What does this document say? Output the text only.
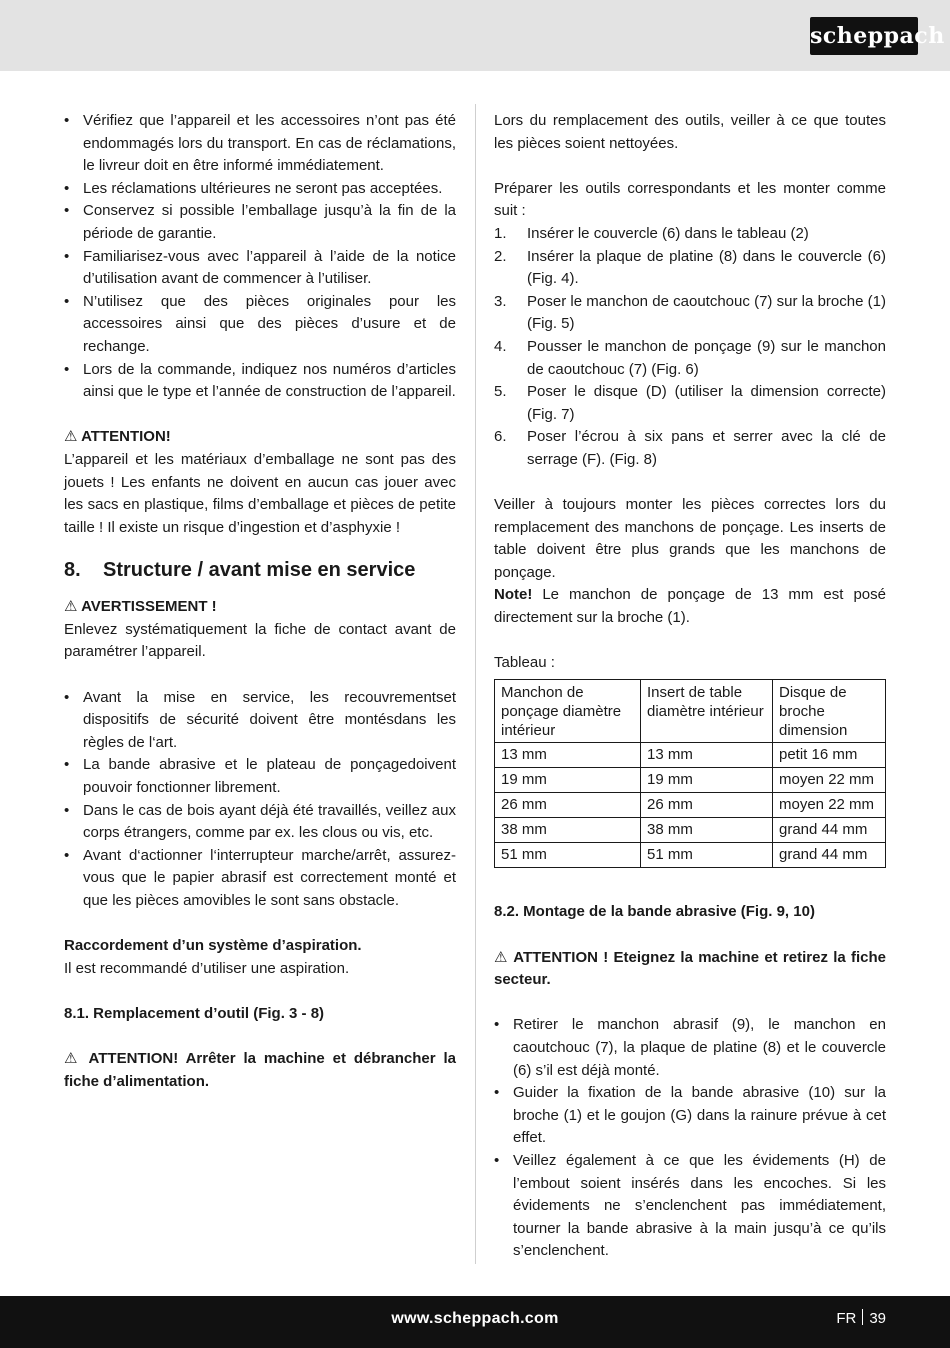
scheppach
• Vérifiez que l’appareil et les accessoires n’ont pas été endommagés lors du transport. En cas de réclamations, le livreur doit en être informé immédiatement.
• Les réclamations ultérieures ne seront pas acceptées.
• Conservez si possible l’emballage jusqu’à la fin de la période de garantie.
• Familiarisez-vous avec l’appareil à l’aide de la notice d’utilisation avant de commencer à l’utiliser.
• N’utilisez que des pièces originales pour les accessoires ainsi que des pièces d’usure et de rechange.
• Lors de la commande, indiquez nos numéros d’articles ainsi que le type et l’année de construction de l’appareil.

⚠ ATTENTION!

L’appareil et les matériaux d’emballage ne sont pas des jouets ! Les enfants ne doivent en aucun cas jouer avec les sacs en plastique, films d’emballage et pièces de petite taille ! Il existe un risque d’ingestion et d’asphyxie !

8. Structure / avant mise en service

⚠ AVERTISSEMENT !

Enlevez systématiquement la fiche de contact avant de paramétrer l’appareil.

• Avant la mise en service, les recouvrementset dispositifs de sécurité doivent être montésdans les règles de l‘art.
• La bande abrasive et le plateau de ponçagedoivent pouvoir fonctionner librement.
• Dans le cas de bois ayant déjà été travaillés, veillez aux corps étrangers, comme par ex. les clous ou vis, etc.
• Avant d‘actionner l‘interrupteur marche/arrêt, assurez-vous que le papier abrasif est correctement monté et que les pièces amovibles le sont sans obstacle.

Raccordement d’un système d’aspiration.

Il est recommandé d’utiliser une aspiration.

8.1. Remplacement d’outil (Fig. 3 - 8)

⚠ ATTENTION! Arrêter la machine et débrancher la fiche d’alimentation.

Lors du remplacement des outils, veiller à ce que toutes les pièces soient nettoyées.

Préparer les outils correspondants et les monter comme suit :

1. Insérer le couvercle (6) dans le tableau (2)
2. Insérer la plaque de platine (8) dans le couvercle (6) (Fig. 4).
3. Poser le manchon de caoutchouc (7) sur la broche (1) (Fig. 5)
4. Pousser le manchon de ponçage (9) sur le manchon de caoutchouc (7) (Fig. 6)
5. Poser le disque (D) (utiliser la dimension correcte) (Fig. 7)
6. Poser l’écrou à six pans et serrer avec la clé de serrage (F). (Fig. 8)

Veiller à toujours monter les pièces correctes lors du remplacement des manchons de ponçage. Les inserts de table doivent être plus grands que les manchons de ponçage.

Note! Le manchon de ponçage de 13 mm est posé directement sur la broche (1).

Tableau :

Manchon de ponçage diamètre intérieur	Insert de table diamètre intérieur	Disque de broche dimension
13 mm	13 mm	petit 16 mm
19 mm	19 mm	moyen 22 mm
26 mm	26 mm	moyen 22 mm
38 mm	38 mm	grand 44 mm
51 mm	51 mm	grand 44 mm

8.2. Montage de la bande abrasive (Fig. 9, 10)

⚠ ATTENTION ! Eteignez la machine et retirez la fiche secteur.

• Retirer le manchon abrasif (9), le manchon en caoutchouc (7), la plaque de platine (8) et le couvercle (6) s’il est déjà monté.
• Guider la fixation de la bande abrasive (10) sur la broche (1) et le goujon (G) dans la rainure prévue à cet effet.
• Veillez également à ce que les évidements (H) de l’embout soient insérés dans les encoches. Si les évidements ne s’enclenchent pas immédiatement, tourner la bande abrasive à la main jusqu’à ce qu’ils s’enclenchent.
www.scheppach.com	FR 39
